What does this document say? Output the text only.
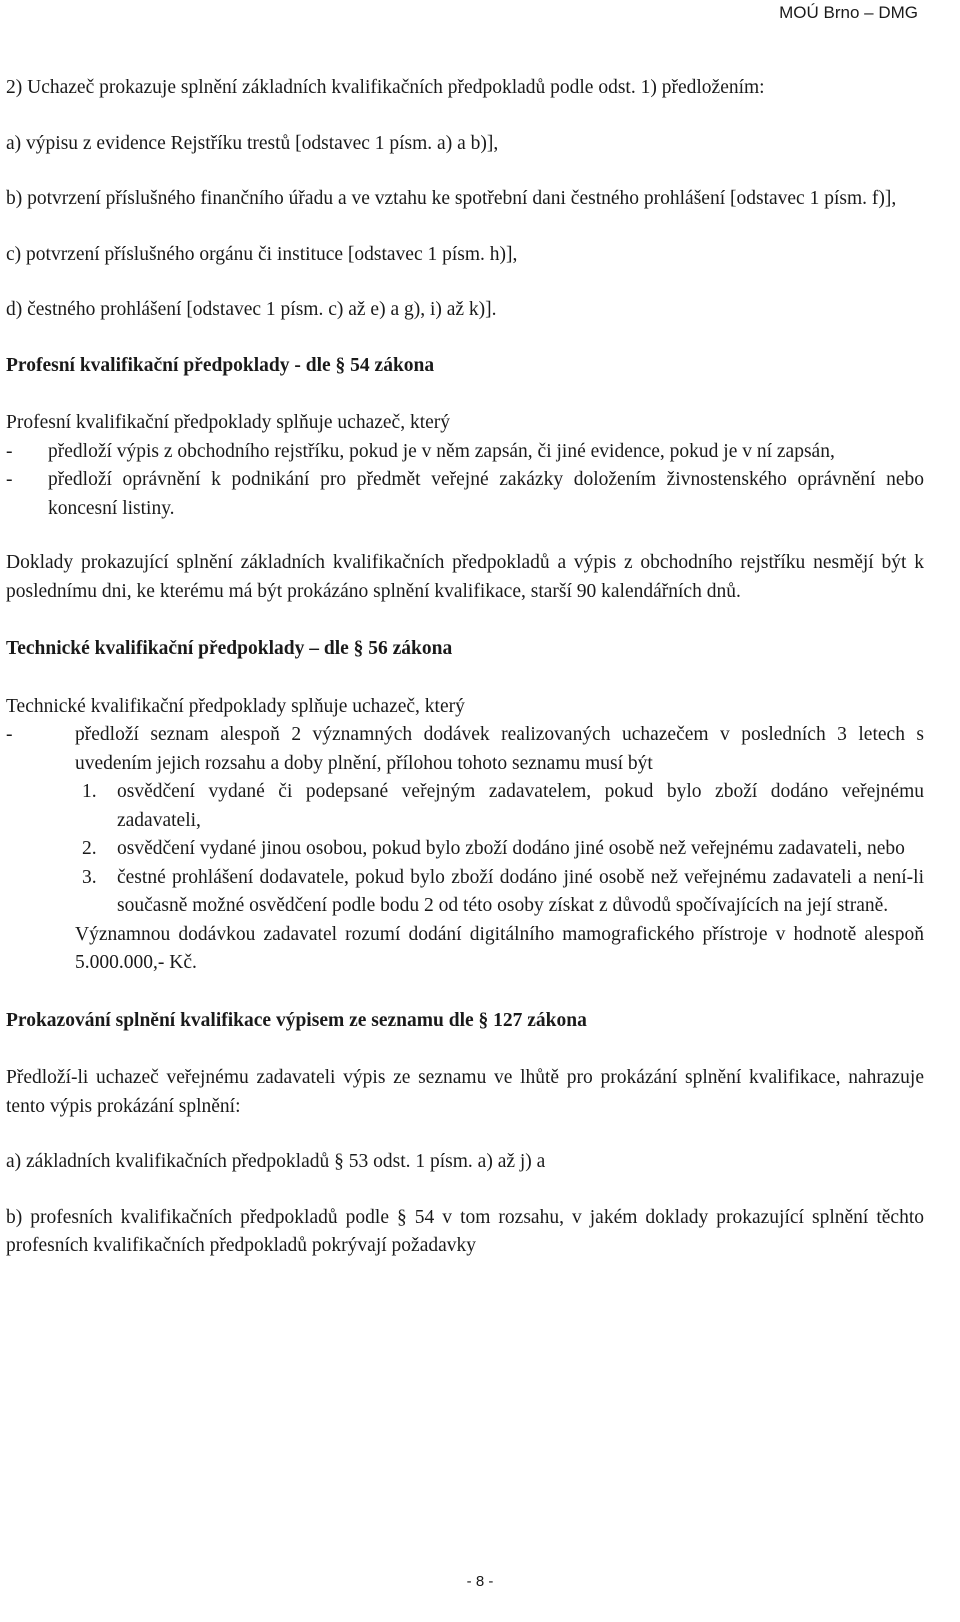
MOÚ Brno – DMG

2) Uchazeč prokazuje splnění základních kvalifikačních předpokladů podle odst. 1) předložením:

a) výpisu z evidence Rejstříku trestů [odstavec 1 písm. a) a b)],

b) potvrzení příslušného finančního úřadu a ve vztahu ke spotřební dani čestného prohlášení [odstavec 1 písm. f)],

c) potvrzení příslušného orgánu či instituce [odstavec 1 písm. h)],

d) čestného prohlášení [odstavec 1 písm. c) až e) a g), i) až k)].

Profesní kvalifikační předpoklady - dle § 54 zákona

Profesní kvalifikační předpoklady splňuje uchazeč, který

- předloží výpis z obchodního rejstříku, pokud je v něm zapsán, či jiné evidence, pokud je v ní zapsán,
- předloží oprávnění k podnikání pro předmět veřejné zakázky doložením živnostenského oprávnění nebo koncesní listiny.

Doklady prokazující splnění základních kvalifikačních předpokladů a výpis z obchodního rejstříku nesmějí být k poslednímu dni, ke kterému má být prokázáno splnění kvalifikace, starší 90 kalendářních dnů.

Technické kvalifikační předpoklady – dle § 56 zákona

Technické kvalifikační předpoklady splňuje uchazeč, který

-	předloží seznam alespoň 2 významných dodávek realizovaných uchazečem v posledních 3 letech s uvedením jejich rozsahu a doby plnění, přílohou tohoto seznamu musí být
1. osvědčení vydané či podepsané veřejným zadavatelem, pokud bylo zboží dodáno veřejnému zadavateli,
2. osvědčení vydané jinou osobou, pokud bylo zboží dodáno jiné osobě než veřejnému zadavateli, nebo
3. čestné prohlášení dodavatele, pokud bylo zboží dodáno jiné osobě než veřejnému zadavateli a není-li současně možné osvědčení podle bodu 2 od této osoby získat z důvodů spočívajících na její straně.

Významnou dodávkou zadavatel rozumí dodání digitálního mamografického přístroje v hodnotě alespoň 5.000.000,- Kč.

Prokazování splnění kvalifikace výpisem ze seznamu dle § 127 zákona

Předloží-li uchazeč veřejnému zadavateli výpis ze seznamu ve lhůtě pro prokázání splnění kvalifikace, nahrazuje tento výpis prokázání splnění:

a) základních kvalifikačních předpokladů § 53 odst. 1 písm. a) až j) a

b) profesních kvalifikačních předpokladů podle § 54 v tom rozsahu, v jakém doklady prokazující splnění těchto profesních kvalifikačních předpokladů pokrývají požadavky

- 8 -
